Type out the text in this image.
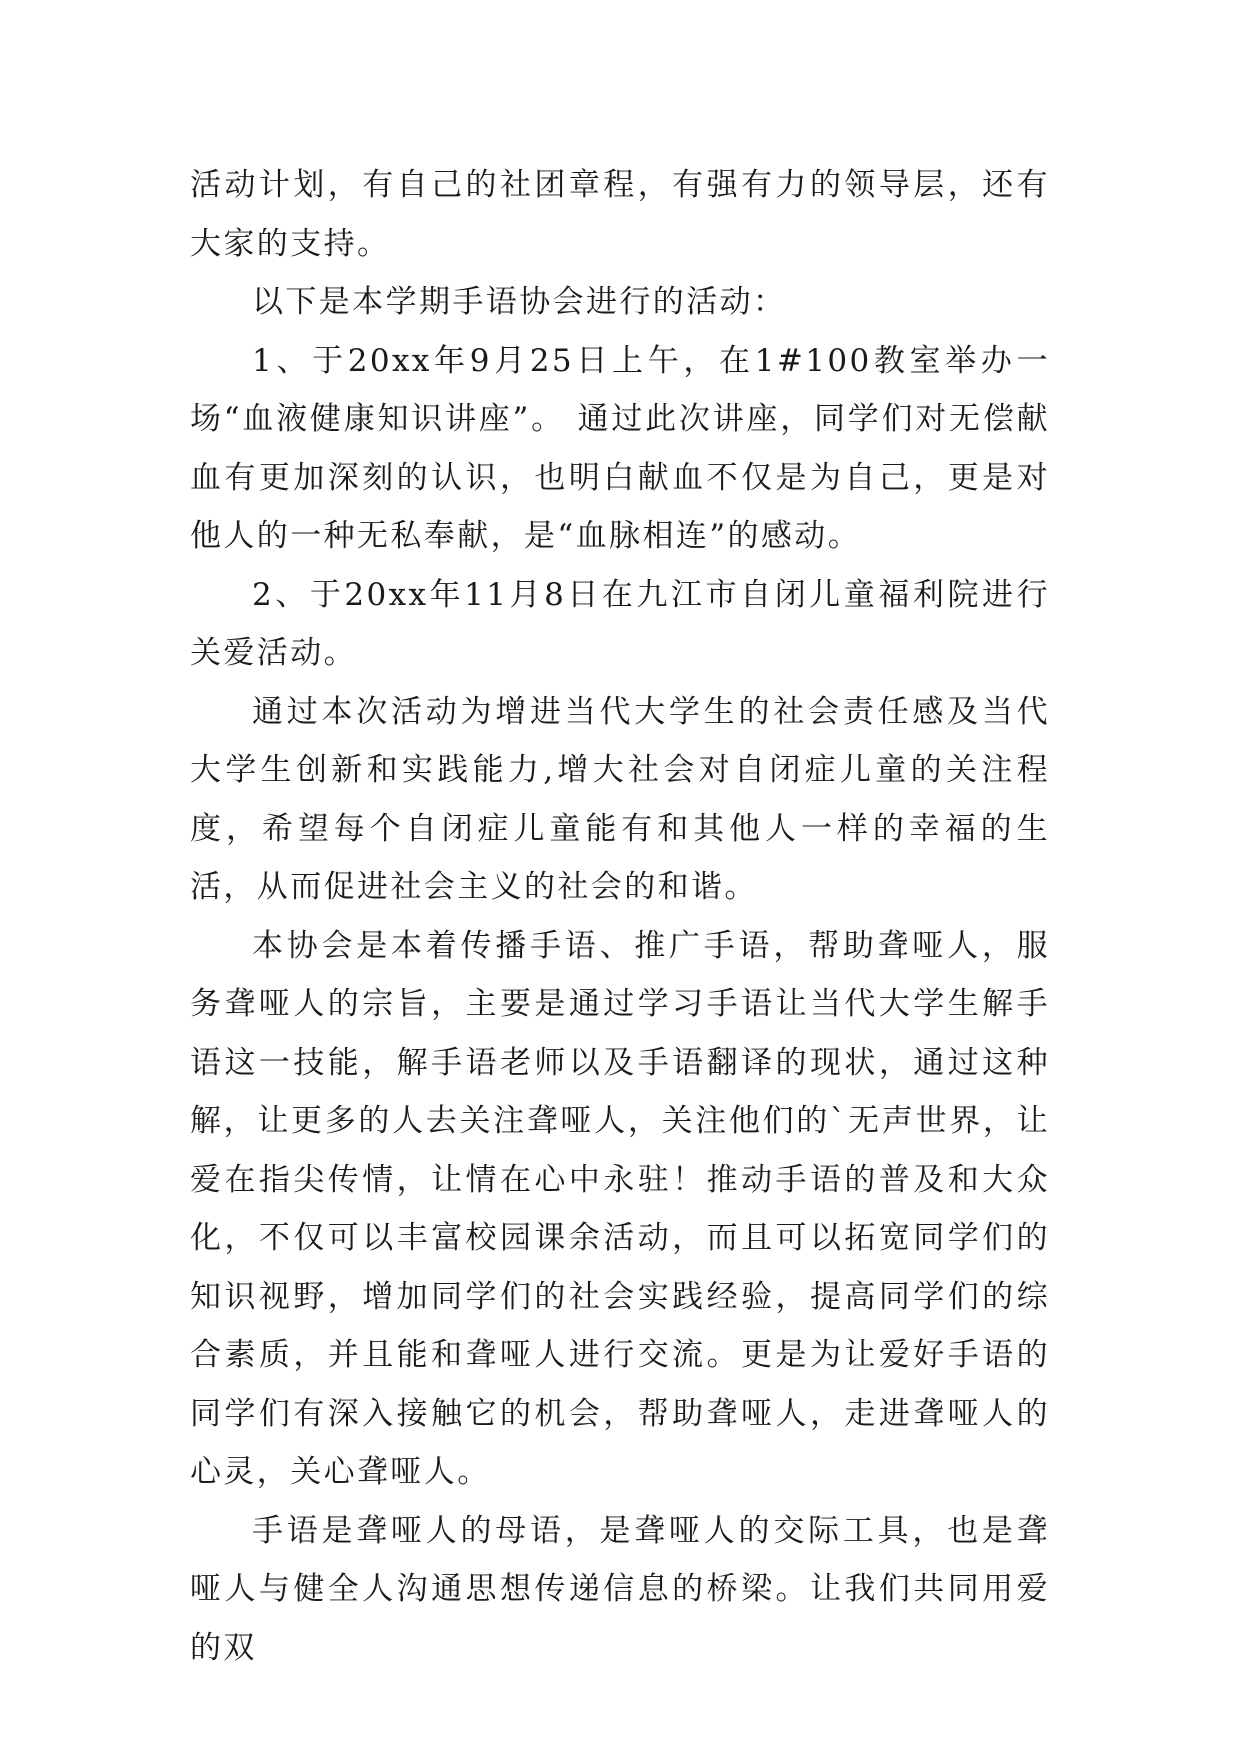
活动计划，有自己的社团章程，有强有力的领导层，还有大家的支持。

以下是本学期手语协会进行的活动：

1、于20xx年9月25日上午，在1#100教室举办一场“血液健康知识讲座”。 通过此次讲座，同学们对无偿献血有更加深刻的认识，也明白献血不仅是为自己，更是对他人的一种无私奉献，是“血脉相连”的感动。

2、于20xx年11月8日在九江市自闭儿童福利院进行关爱活动。

通过本次活动为增进当代大学生的社会责任感及当代大学生创新和实践能力,增大社会对自闭症儿童的关注程度，希望每个自闭症儿童能有和其他人一样的幸福的生活，从而促进社会主义的社会的和谐。

本协会是本着传播手语、推广手语，帮助聋哑人，服务聋哑人的宗旨，主要是通过学习手语让当代大学生解手语这一技能，解手语老师以及手语翻译的现状，通过这种解，让更多的人去关注聋哑人，关注他们的`无声世界，让爱在指尖传情，让情在心中永驻！推动手语的普及和大众化，不仅可以丰富校园课余活动，而且可以拓宽同学们的知识视野，增加同学们的社会实践经验，提高同学们的综合素质，并且能和聋哑人进行交流。更是为让爱好手语的同学们有深入接触它的机会，帮助聋哑人，走进聋哑人的心灵，关心聋哑人。

手语是聋哑人的母语，是聋哑人的交际工具，也是聋哑人与健全人沟通思想传递信息的桥梁。让我们共同用爱的双
